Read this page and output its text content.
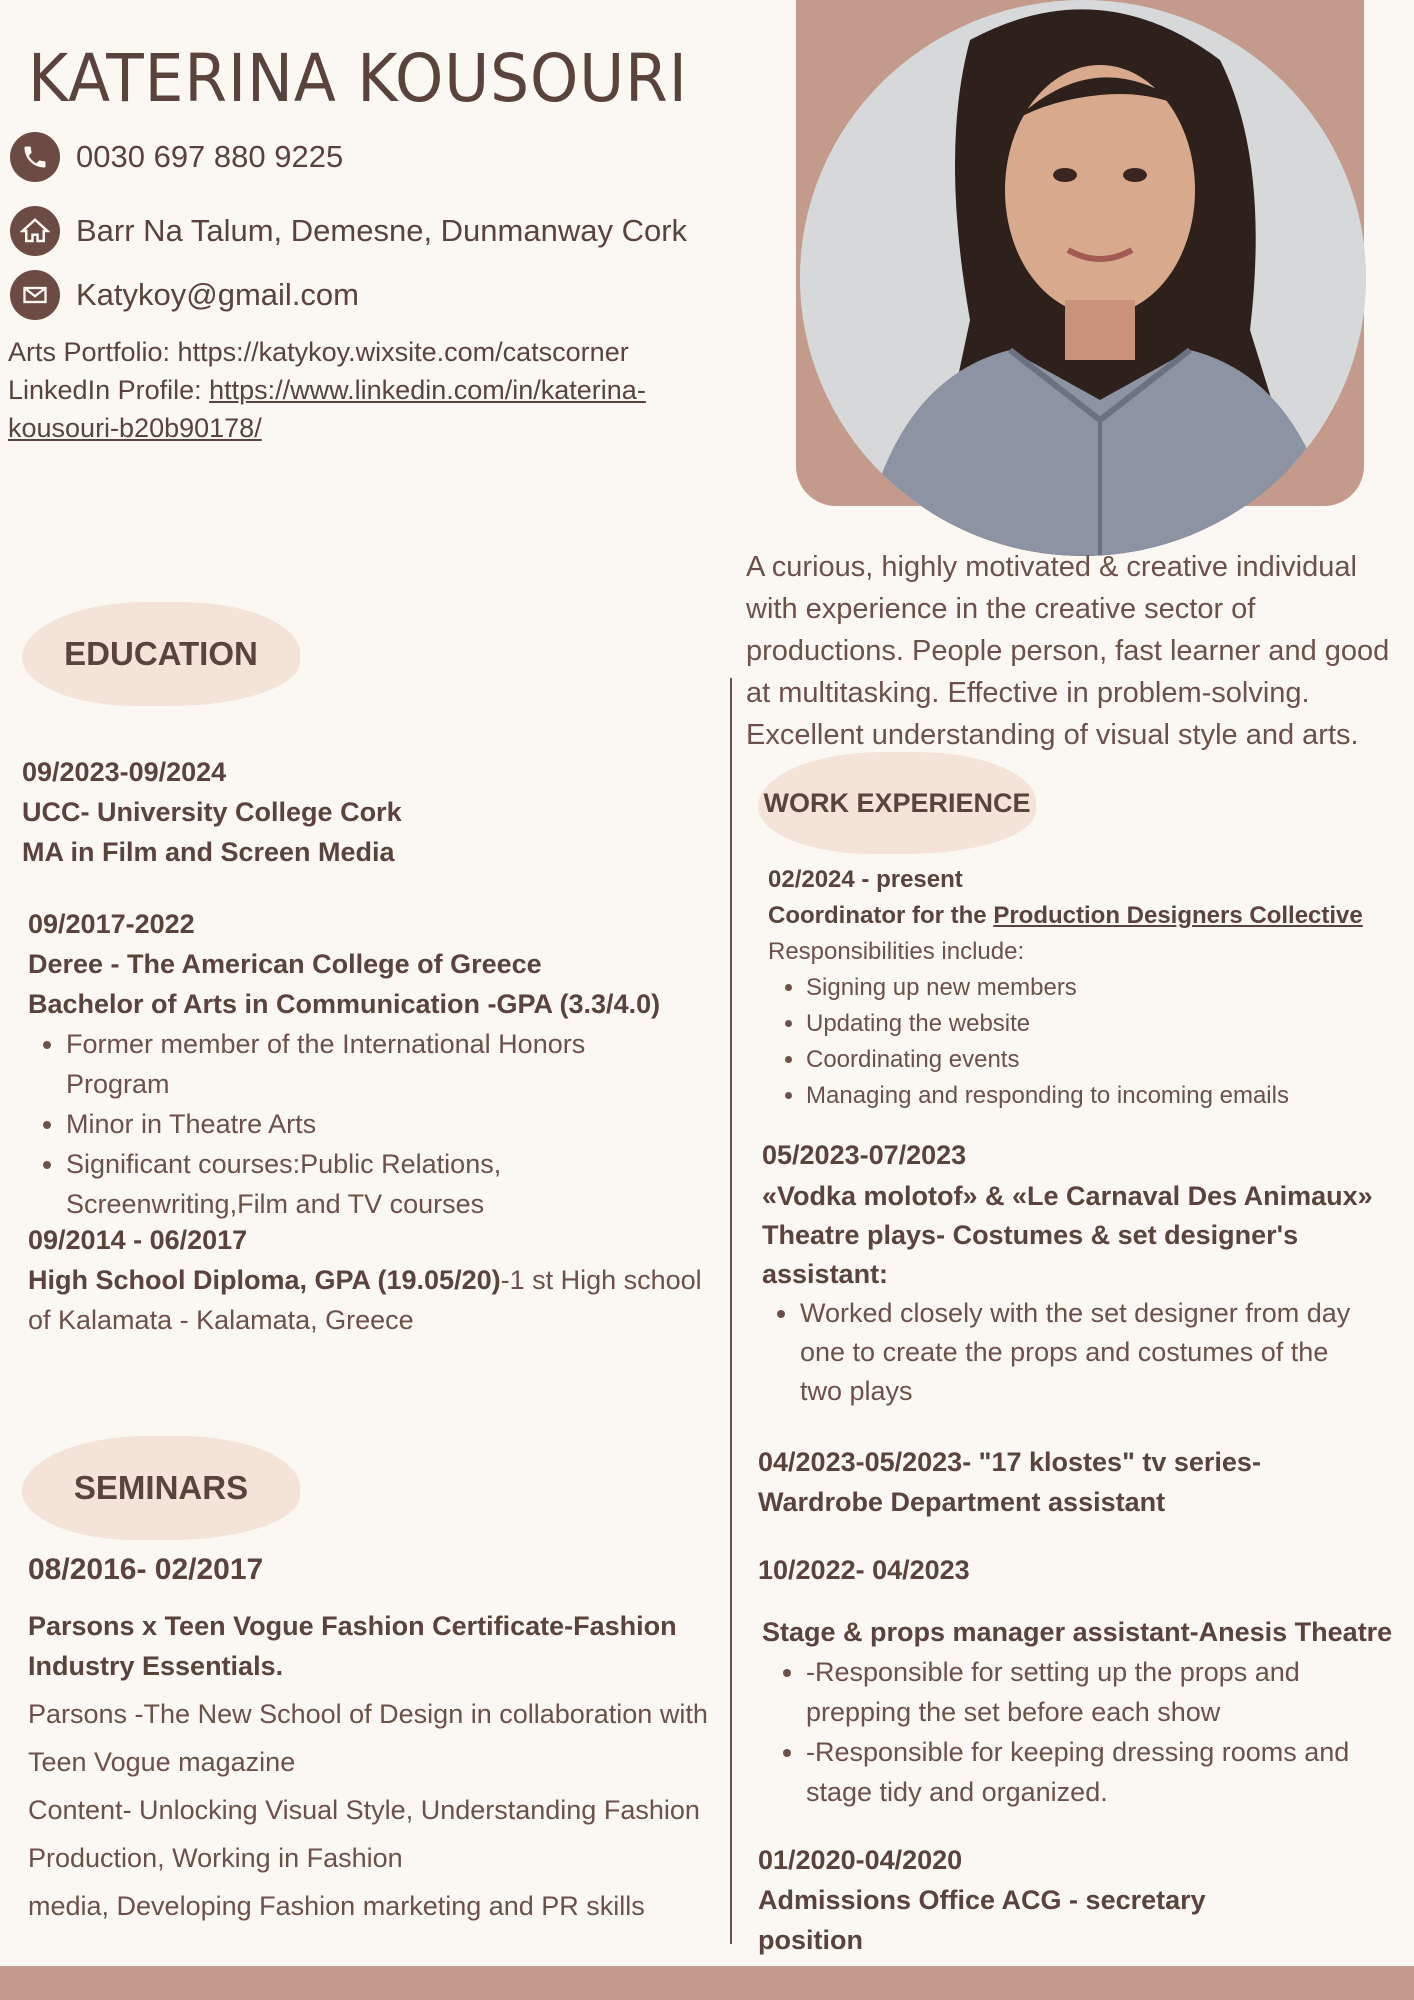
KATERINA KOUSOURI
0030 697 880 9225
Barr Na Talum, Demesne, Dunmanway Cork
Katykoy@gmail.com
Arts Portfolio: https://katykoy.wixsite.com/catscorner
LinkedIn Profile: https://www.linkedin.com/in/katerina-
kousouri-b20b90178/
A curious, highly motivated & creative individual with experience in the creative sector of productions. People person, fast learner and good at multitasking. Effective in problem-solving. Excellent understanding of visual style and arts.
EDUCATION
09/2023-09/2024
UCC- University College Cork
MA in Film and Screen Media
09/2017-2022
Deree - The American College of Greece
Bachelor of Arts in Communication -GPA (3.3/4.0)
• Former member of the International Honors Program
• Minor in Theatre Arts
• Significant courses:Public Relations, Screenwriting,Film and TV courses
09/2014 - 06/2017
High School Diploma, GPA (19.05/20)-1 st High school of Kalamata - Kalamata, Greece
SEMINARS
08/2016- 02/2017
Parsons x Teen Vogue Fashion Certificate-Fashion Industry Essentials.
Parsons -The New School of Design in collaboration with
Teen Vogue magazine
Content- Unlocking Visual Style, Understanding Fashion
Production, Working in Fashion
media, Developing Fashion marketing and PR skills
WORK EXPERIENCE
02/2024 - present
Coordinator for the Production Designers Collective
Responsibilities include:
• Signing up new members
• Updating the website
• Coordinating events
• Managing and responding to incoming emails
05/2023-07/2023
«Vodka molotof» & «Le Carnaval Des Animaux»
Theatre plays- Costumes & set designer's assistant:
• Worked closely with the set designer from day one to create the props and costumes of the two plays
04/2023-05/2023- "17 klostes" tv series-
Wardrobe Department assistant
10/2022- 04/2023
Stage & props manager assistant-Anesis Theatre
• -Responsible for setting up the props and prepping the set before each show
• -Responsible for keeping dressing rooms and stage tidy and organized.
01/2020-04/2020
Admissions Office ACG - secretary position
